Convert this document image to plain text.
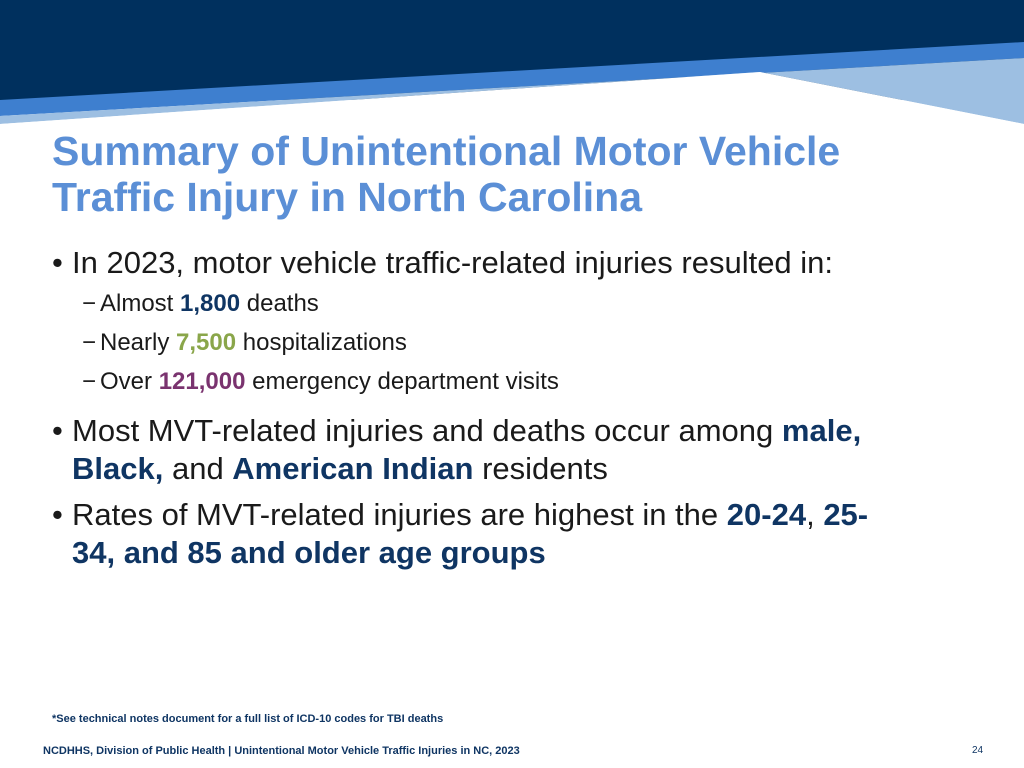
Summary of Unintentional Motor Vehicle
Traffic Injury in North Carolina
• In 2023, motor vehicle traffic-related injuries resulted in:
− Almost 1,800 deaths
− Nearly 7,500 hospitalizations
− Over 121,000 emergency department visits
• Most MVT-related injuries and deaths occur among male,
Black, and American Indian residents
• Rates of MVT-related injuries are highest in the 20-24, 25-
34, and 85 and older age groups
*See technical notes document for a full list of ICD-10 codes for TBI deaths
NCDHHS, Division of Public Health | Unintentional Motor Vehicle Traffic Injuries in NC, 2023	24
